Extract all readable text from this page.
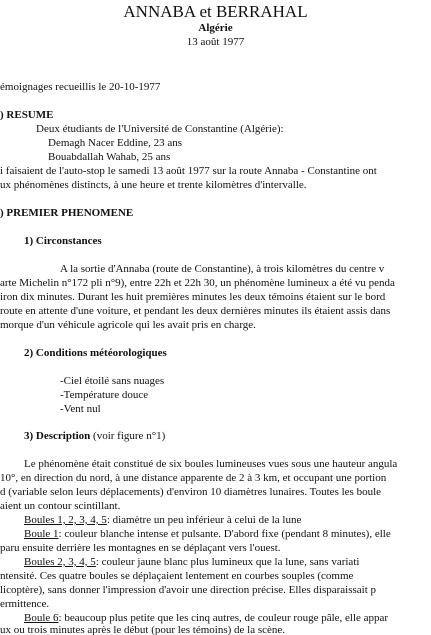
ANNABA et BERRAHAL
Algérie
13 août 1977
émoignages recueillis le 20-10-1977
) RESUME
Deux étudiants de l'Université de Constantine (Algérie):
Demagh Nacer Eddine, 23 ans
Bouabdallah Wahab, 25 ans
i faisaient de l'auto-stop le samedi 13 août 1977 sur la route Annaba - Constantine ont
ux phénomènes distincts, à une heure et trente kilomètres d'intervalle.
) PREMIER PHENOMENE
1) Circonstances
A la sortie d'Annaba (route de Constantine), à trois kilomètres du centre v
arte Michelin n°172 pli n°9), entre 22h et 22h 30, un phénomène lumineux a été vu penda
iron dix minutes. Durant les huit premières minutes les deux témoins étaient sur le bord
route en attente d'une voiture, et pendant les deux dernières minutes ils étaient assis dans
morque d'un véhicule agricole qui les avait pris en charge.
2) Conditions météorologiques
-Ciel étoilé sans nuages
-Température douce
-Vent nul
3) Description (voir figure n°1)
Le phénomène était constitué de six boules lumineuses vues sous une hauteur angula
10°, en direction du nord, à une distance apparente de 2 à 3 km, et occupant une portion
d (variable selon leurs déplacements) d'environ 10 diamètres lunaires. Toutes les boule
aient un contour scintillant.
Boules 1, 2, 3, 4, 5: diamètre un peu inférieur à celui de la lune
Boule 1: couleur blanche intense et pulsante. D'abord fixe (pendant 8 minutes), elle
paru ensuite derrière les montagnes en se déplaçant vers l'ouest.
Boules 2, 3, 4, 5: couleur jaune blanc plus lumineux que la lune, sans variati
ntensité. Ces quatre boules se déplaçaient lentement en courbes souples (comme
licoptère), sans donner l'impression d'avoir une direction précise. Elles disparaissait p
ermittence.
Boule 6: beaucoup plus petite que les cinq autres, de couleur rouge pâle, elle appar
ux ou trois minutes après le début (pour les témoins) de la scène.
